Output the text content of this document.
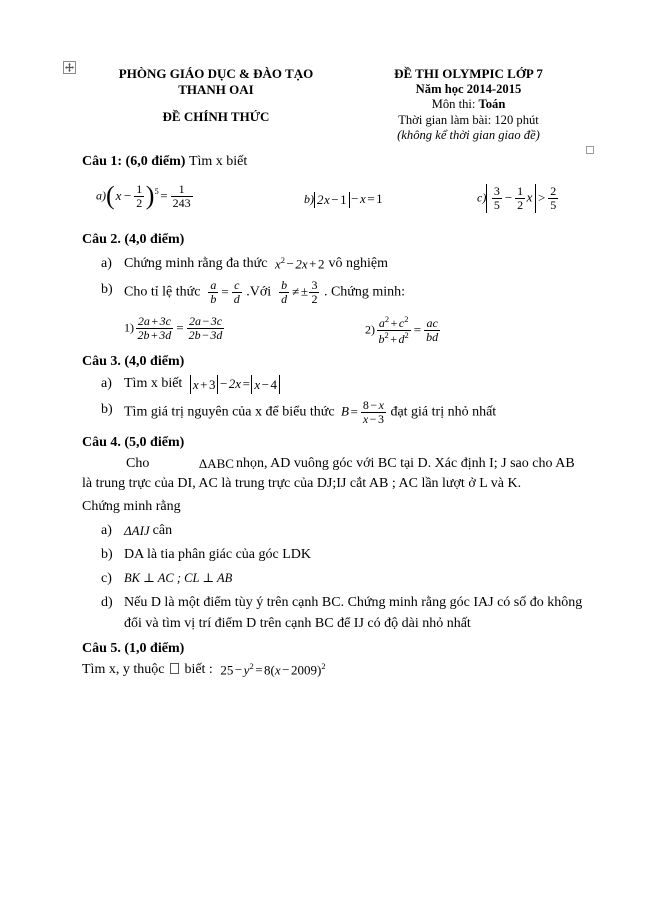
PHÒNG GIÁO DỤC & ĐÀO TẠO
THANH OAI
ĐỀ CHÍNH THỨC
ĐỀ THI OLYMPIC LỚP 7
Năm học 2014-2015
Môn thi: Toán
Thời gian làm bài: 120 phút
(không kể thời gian giao đề)
Câu 1: (6,0 điểm) Tìm x biết
$a)(x - \frac{1}{2} )^5 = \frac{1}{243}$	b) 2x − 1 − x = 1	$c) \frac{3}{5} - \frac{1}{2}$ $x > \frac{2}{5}$
Câu 2. (4,0 điểm)
a) Chứng minh rằng đa thức $x^2 - 2x + 2$ vô nghiệm
b) Cho tỉ lệ thức $\frac{a}{b} = \frac{c}{d}$ .Với $\frac{b}{d}$ ≠ ± $\frac{3}{2}$ . Chứng minh:
$1) \frac{2a + 3c}{2b + 3d} = \frac{2a - 3c}{2b - 3d}$	$2) \frac{a^2 + c^2}{b^2 + d^2} = \frac{ac}{bd}$
Câu 3. (4,0 điểm)
a) Tìm x biết x + 3 − 2x = x − 4
b) Tìm giá trị nguyên của x để biểu thức $B = \frac{8 - x}{x - 3}$ đạt giá trị nhỏ nhất
Câu 4. (5,0 điểm)
Cho	ΔABC nhọn, AD vuông góc với BC tại D. Xác định I; J sao cho AB là trung trực của DI, AC là trung trực của DJ;IJ cắt AB ; AC lần lượt ở L và K.
Chứng minh rằng
a) ΔAIJ cân
b) DA là tia phân giác của góc LDK
c) BK ⊥ AC ; CL ⊥ AB
d) Nếu D là một điểm tùy ý trên cạnh BC. Chứng minh rằng góc IAJ có số đo không đổi và tìm vị trí điểm D trên cạnh BC để IJ có độ dài nhỏ nhất
Câu 5. (1,0 điểm)
Tìm x, y thuộc biết : $25 - y^2 = 8(x - 2009)^2$
